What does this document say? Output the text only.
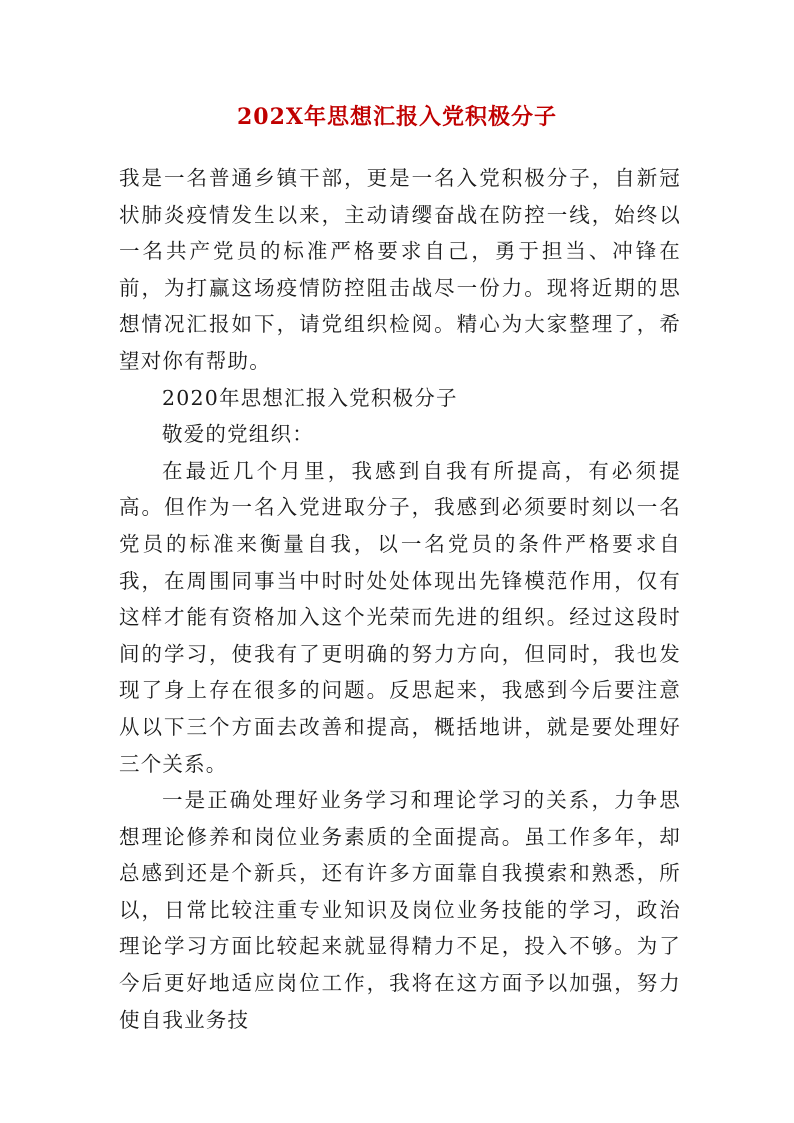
202X年思想汇报入党积极分子

我是一名普通乡镇干部，更是一名入党积极分子，自新冠状肺炎疫情发生以来，主动请缨奋战在防控一线，始终以一名共产党员的标准严格要求自己，勇于担当、冲锋在前，为打赢这场疫情防控阻击战尽一份力。现将近期的思想情况汇报如下，请党组织检阅。精心为大家整理了，希望对你有帮助。

2020年思想汇报入党积极分子

敬爱的党组织：

在最近几个月里，我感到自我有所提高，有必须提高。但作为一名入党进取分子，我感到必须要时刻以一名党员的标准来衡量自我，以一名党员的条件严格要求自我，在周围同事当中时时处处体现出先锋模范作用，仅有这样才能有资格加入这个光荣而先进的组织。经过这段时间的学习，使我有了更明确的努力方向，但同时，我也发现了身上存在很多的问题。反思起来，我感到今后要注意从以下三个方面去改善和提高，概括地讲，就是要处理好三个关系。

一是正确处理好业务学习和理论学习的关系，力争思想理论修养和岗位业务素质的全面提高。虽工作多年，却总感到还是个新兵，还有许多方面靠自我摸索和熟悉，所以，日常比较注重专业知识及岗位业务技能的学习，政治理论学习方面比较起来就显得精力不足，投入不够。为了今后更好地适应岗位工作，我将在这方面予以加强，努力使自我业务技
